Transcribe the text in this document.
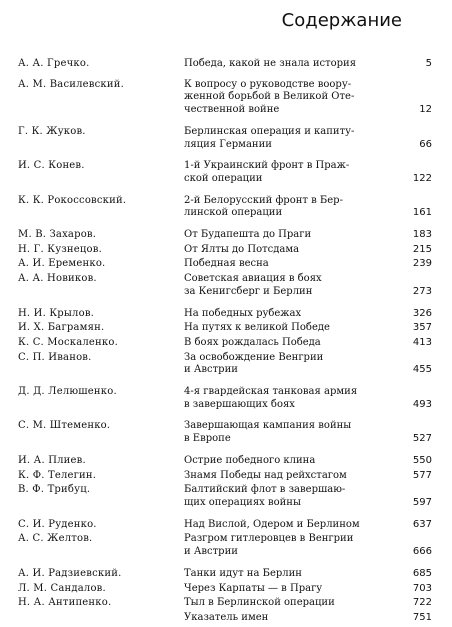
Содержание
А. А. Гречко.	Победа, какой не знала история	5
А. М. Василевский.	К вопросу о руководстве воору-
женной борьбой в Великой Оте-
чественной войне	12
Г. К. Жуков.	Берлинская операция и капиту-
ляция Германии	66
И. С. Конев.	1-й Украинский фронт в Праж-
ской операции	122
К. К. Рокоссовский.	2-й Белорусский фронт в Бер-
линской операции	161
М. В. Захаров.	От Будапешта до Праги	183
Н. Г. Кузнецов.	От Ялты до Потсдама	215
А. И. Еременко.	Победная весна	239
А. А. Новиков.	Советская авиация в боях
за Кенигсберг и Берлин	273
Н. И. Крылов.	На победных рубежах	326
И. Х. Баграмян.	На путях к великой Победе	357
К. С. Москаленко.	В боях рождалась Победа	413
С. П. Иванов.	За освобождение Венгрии
и Австрии	455
Д. Д. Лелюшенко.	4-я гвардейская танковая армия
в завершающих боях	493
С. М. Штеменко.	Завершающая кампания войны
в Европе	527
И. А. Плиев.	Острие победного клина	550
К. Ф. Телегин.	Знамя Победы над рейхстагом	577
В. Ф. Трибуц.	Балтийский флот в завершаю-
щих операциях войны	597
С. И. Руденко.	Над Вислой, Одером и Берлином	637
А. С. Желтов.	Разгром гитлеровцев в Венгрии
и Австрии	666
А. И. Радзиевский.	Танки идут на Берлин	685
Л. М. Сандалов.	Через Карпаты — в Прагу	703
Н. А. Антипенко.	Тыл в Берлинской операции	722
Указатель имен	751
